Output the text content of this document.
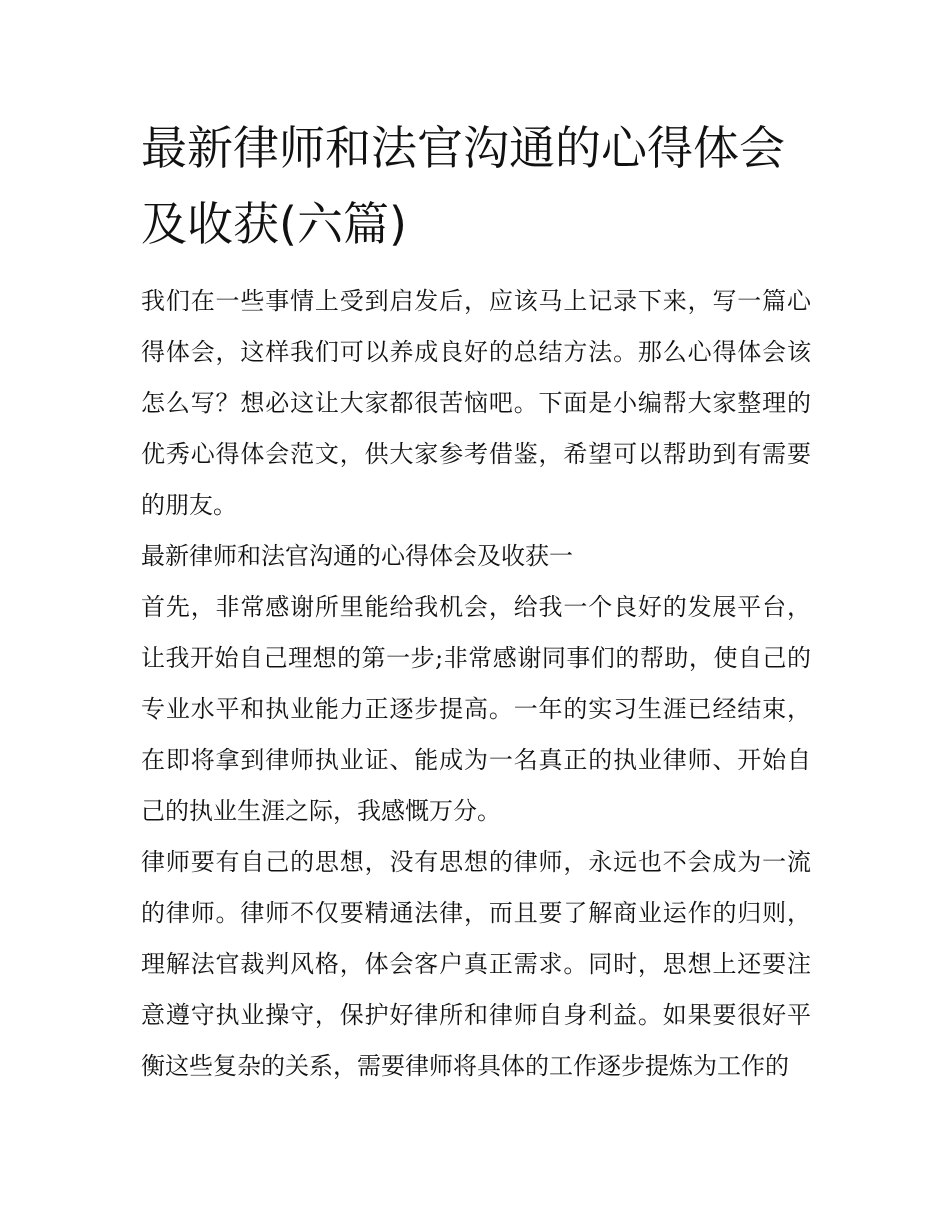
最新律师和法官沟通的心得体会及收获(六篇)

我们在一些事情上受到启发后，应该马上记录下来，写一篇心得体会，这样我们可以养成良好的总结方法。那么心得体会该怎么写？想必这让大家都很苦恼吧。下面是小编帮大家整理的优秀心得体会范文，供大家参考借鉴，希望可以帮助到有需要的朋友。

最新律师和法官沟通的心得体会及收获一

首先，非常感谢所里能给我机会，给我一个良好的发展平台，让我开始自己理想的第一步;非常感谢同事们的帮助，使自己的专业水平和执业能力正逐步提高。一年的实习生涯已经结束，在即将拿到律师执业证、能成为一名真正的执业律师、开始自己的执业生涯之际，我感慨万分。

律师要有自己的思想，没有思想的律师，永远也不会成为一流的律师。律师不仅要精通法律，而且要了解商业运作的归则，理解法官裁判风格，体会客户真正需求。同时，思想上还要注意遵守执业操守，保护好律所和律师自身利益。如果要很好平衡这些复杂的关系，需要律师将具体的工作逐步提炼为工作的
